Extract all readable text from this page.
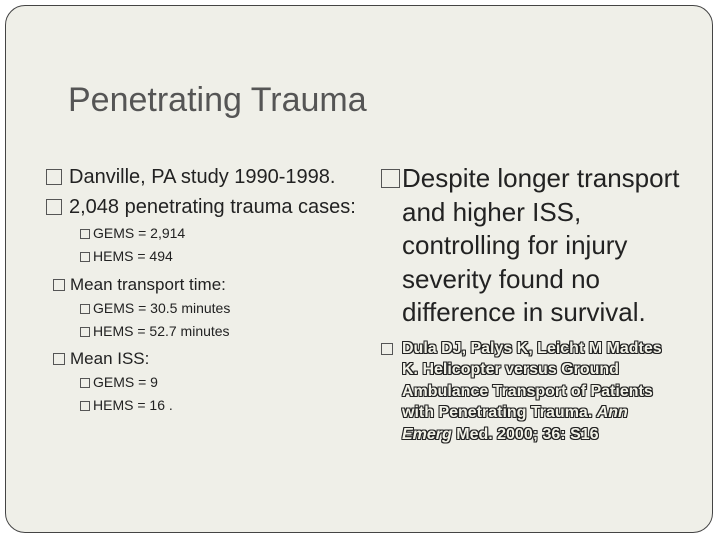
Penetrating Trauma

Danville, PA study 1990-1998.

2,048 penetrating trauma cases:

GEMS = 2,914

HEMS = 494

Mean transport time:

GEMS = 30.5 minutes

HEMS = 52.7 minutes

Mean ISS:

GEMS = 9

HEMS = 16 .

Despite longer transport and higher ISS, controlling for injury severity found no difference in survival.

Dula DJ, Palys K, Leicht M Madtes K. Helicopter versus Ground Ambulance Transport of Patients with Penetrating Trauma. Ann Emerg Med. 2000; 36: S16
